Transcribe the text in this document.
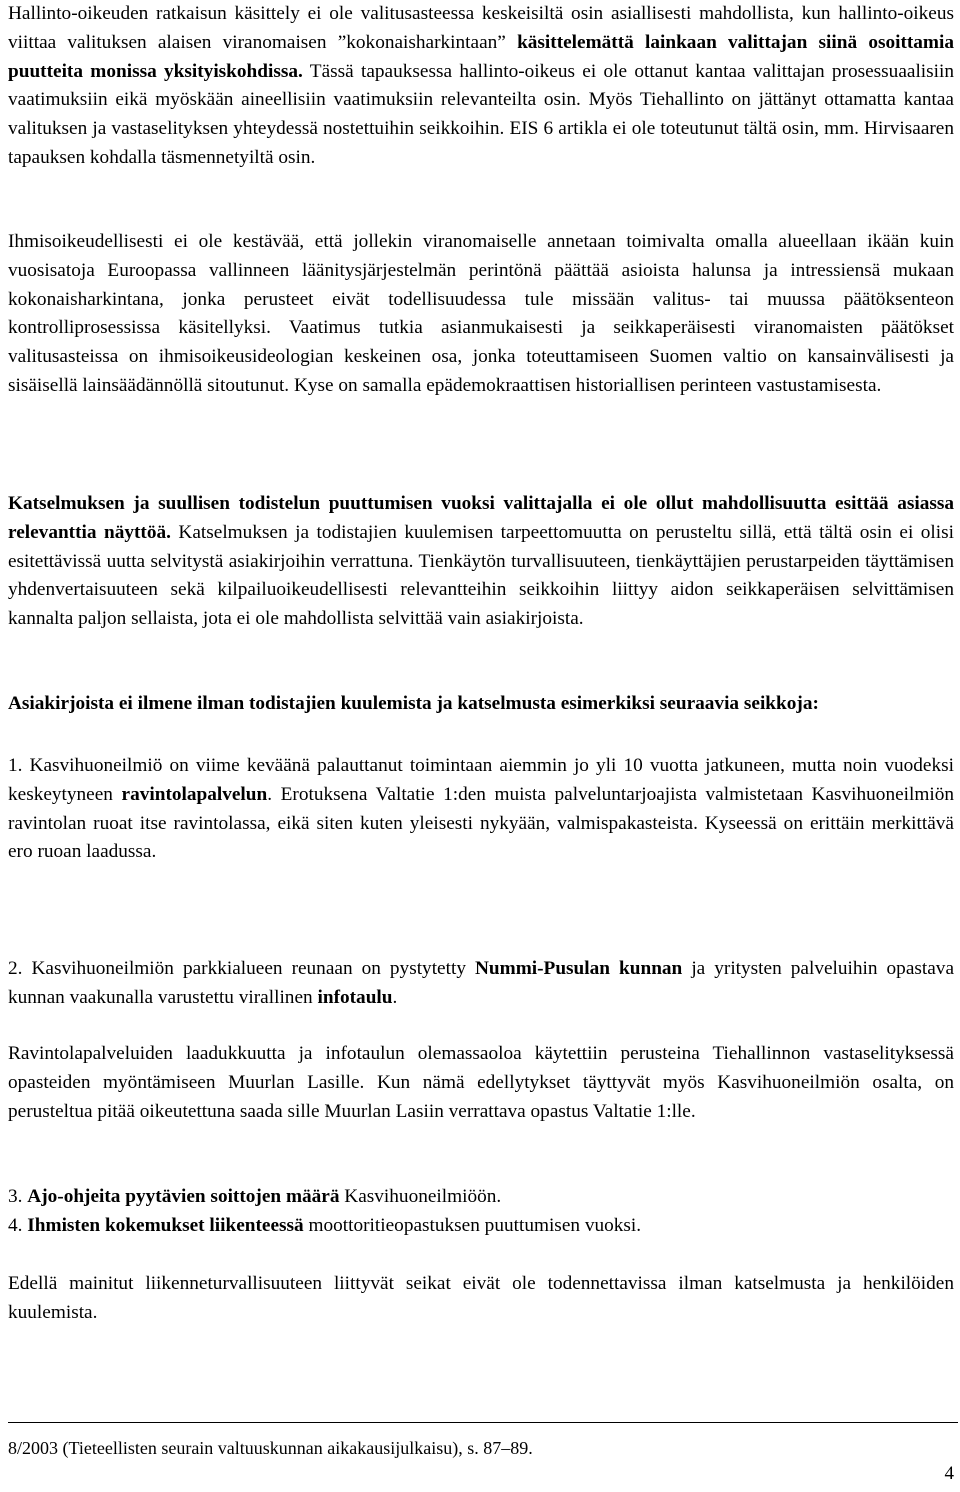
Hallinto-oikeuden ratkaisun käsittely ei ole valitusasteessa keskeisiltä osin asiallisesti mahdollista, kun hallinto-oikeus viittaa valituksen alaisen viranomaisen ”kokonaisharkintaan” käsittelemättä lainkaan valittajan siinä osoittamia puutteita monissa yksityiskohdissa. Tässä tapauksessa hallinto-oikeus ei ole ottanut kantaa valittajan prosessuaalisiin vaatimuksiin eikä myöskään aineellisiin vaatimuksiin relevanteilta osin. Myös Tiehallinto on jättänyt ottamatta kantaa valituksen ja vastaselityksen yhteydessä nostettuihin seikkoihin. EIS 6 artikla ei ole toteutunut tältä osin, mm. Hirvisaaren tapauksen kohdalla täsmennetyiltä osin.

Ihmisoikeudellisesti ei ole kestävää, että jollekin viranomaiselle annetaan toimivalta omalla alueellaan ikään kuin vuosisatoja Euroopassa vallinneen läänitysjärjestelmän perintönä päättää asioista halunsa ja intressiensä mukaan kokonaisharkintana, jonka perusteet eivät todellisuudessa tule missään valitus- tai muussa päätöksenteon kontrolliprosessissa käsitellyksi. Vaatimus tutkia asianmukaisesti ja seikkaperäisesti viranomaisten päätökset valitusasteissa on ihmisoikeusideologian keskeinen osa, jonka toteuttamiseen Suomen valtio on kansainvälisesti ja sisäisellä lainsäädännöllä sitoutunut. Kyse on samalla epädemokraattisen historiallisen perinteen vastustamisesta.

Katselmuksen ja suullisen todistelun puuttumisen vuoksi valittajalla ei ole ollut mahdollisuutta esittää asiassa relevanttia näyttöä. Katselmuksen ja todistajien kuulemisen tarpeettomuutta on perusteltu sillä, että tältä osin ei olisi esitettävissä uutta selvitystä asiakirjoihin verrattuna. Tienkäytön turvallisuuteen, tienkäyttäjien perustarpeiden täyttämisen yhdenvertaisuuteen sekä kilpailuoikeudellisesti relevantteihin seikkoihin liittyy aidon seikkaperäisen selvittämisen kannalta paljon sellaista, jota ei ole mahdollista selvittää vain asiakirjoista.

Asiakirjoista ei ilmene ilman todistajien kuulemista ja katselmusta esimerkiksi seuraavia seikkoja:

1. Kasvihuoneilmiö on viime keväänä palauttanut toimintaan aiemmin jo yli 10 vuotta jatkuneen, mutta noin vuodeksi keskeytyneen ravintolapalvelun. Erotuksena Valtatie 1:den muista palveluntarjoajista valmistetaan Kasvihuoneilmiön ravintolan ruoat itse ravintolassa, eikä siten kuten yleisesti nykyään, valmispakasteista. Kyseessä on erittäin merkittävä ero ruoan laadussa.

2. Kasvihuoneilmiön parkkialueen reunaan on pystytetty Nummi-Pusulan kunnan ja yritysten palveluihin opastava kunnan vaakunalla varustettu virallinen infotaulu.

Ravintolapalveluiden laadukkuutta ja infotaulun olemassaoloa käytettiin perusteina Tiehallinnon vastaselityksessä opasteiden myöntämiseen Muurlan Lasille. Kun nämä edellytykset täyttyvät myös Kasvihuoneilmiön osalta, on perusteltua pitää oikeutettuna saada sille Muurlan Lasiin verrattava opastus Valtatie 1:lle.

3. Ajo-ohjeita pyytävien soittojen määrä Kasvihuoneilmiöön.
4. Ihmisten kokemukset liikenteessä moottoritieopastuksen puuttumisen vuoksi.

Edellä mainitut liikenneturvallisuuteen liittyvät seikat eivät ole todennettavissa ilman katselmusta ja henkilöiden kuulemista.

8/2003 (Tieteellisten seurain valtuuskunnan aikakausijulkaisu), s. 87–89.
4
